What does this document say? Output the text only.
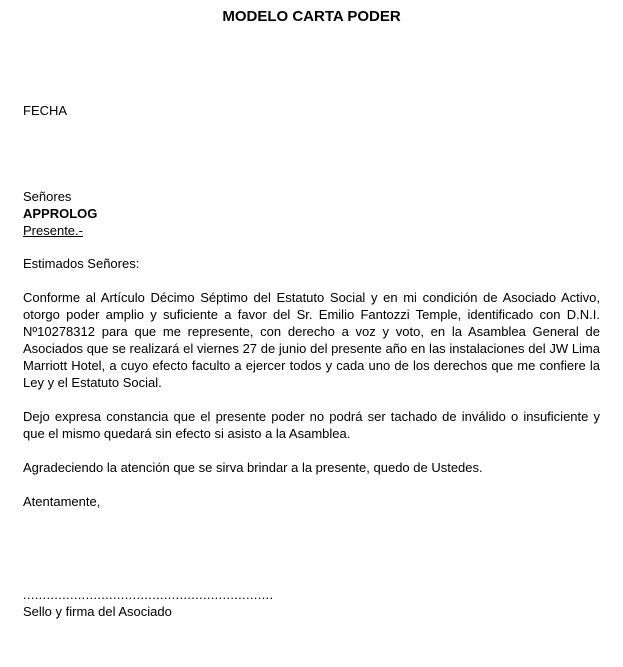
MODELO CARTA PODER
FECHA
Señores
APPROLOG
Presente.-
Estimados Señores:
Conforme al Artículo Décimo Séptimo del Estatuto Social y en mi condición de Asociado Activo, otorgo poder amplio y suficiente a favor del Sr. Emilio Fantozzi Temple, identificado con D.N.I. Nº10278312 para que me represente, con derecho a voz y voto, en la Asamblea General de Asociados que se realizará el viernes 27 de junio del presente año en las instalaciones del JW Lima Marriott Hotel, a cuyo efecto faculto a ejercer todos y cada uno de los derechos que me confiere la Ley y el Estatuto Social.
Dejo expresa constancia que el presente poder no podrá ser tachado de inválido o insuficiente y que el mismo quedará sin efecto si asisto a la Asamblea.
Agradeciendo la atención que se sirva brindar a la presente, quedo de Ustedes.
Atentamente,
................................................................
Sello y firma del Asociado
